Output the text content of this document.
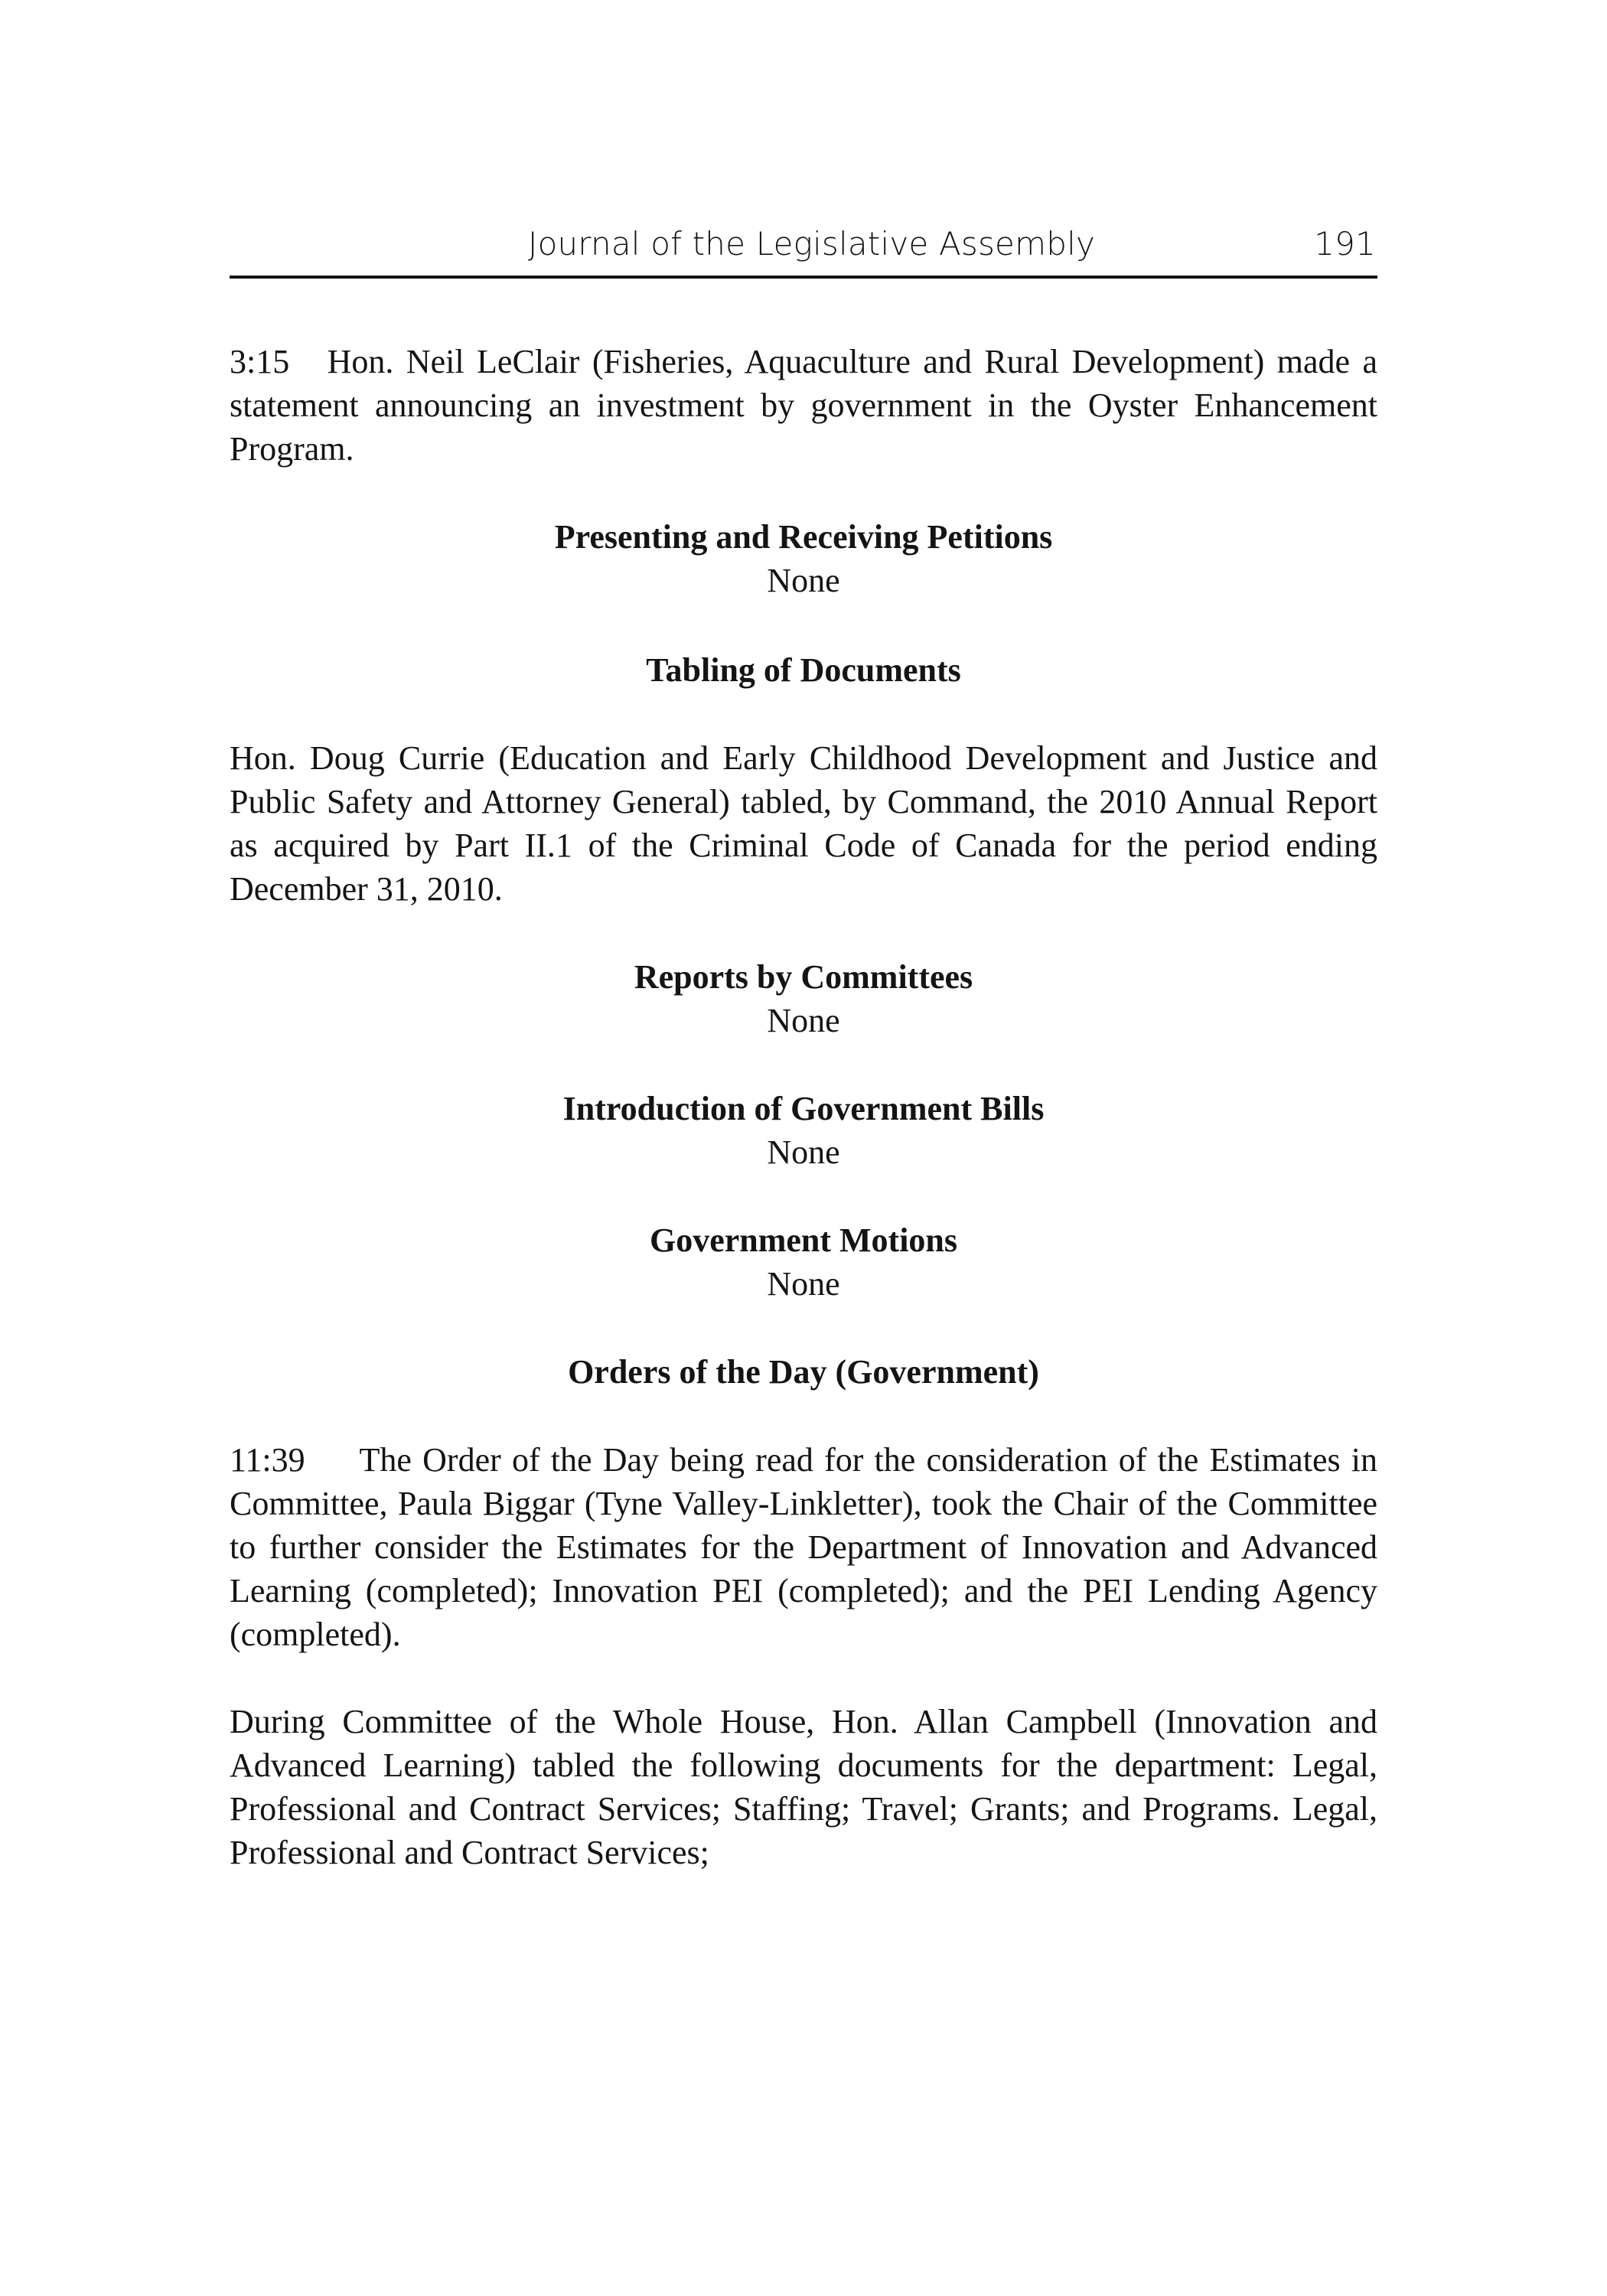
Journal of the Legislative Assembly	191

3:15 Hon. Neil LeClair (Fisheries, Aquaculture and Rural Development) made a statement announcing an investment by government in the Oyster Enhancement Program.

Presenting and Receiving Petitions

None

Tabling of Documents

Hon. Doug Currie (Education and Early Childhood Development and Justice and Public Safety and Attorney General) tabled, by Command, the 2010 Annual Report as acquired by Part II.1 of the Criminal Code of Canada for the period ending December 31, 2010.

Reports by Committees

None

Introduction of Government Bills

None

Government Motions

None

Orders of the Day (Government)

11:39 The Order of the Day being read for the consideration of the Estimates in Committee, Paula Biggar (Tyne Valley-Linkletter), took the Chair of the Committee to further consider the Estimates for the Department of Innovation and Advanced Learning (completed); Innovation PEI (completed); and the PEI Lending Agency (completed).

During Committee of the Whole House, Hon. Allan Campbell (Innovation and Advanced Learning) tabled the following documents for the department: Legal, Professional and Contract Services; Staffing; Travel; Grants; and Programs. Legal, Professional and Contract Services;
